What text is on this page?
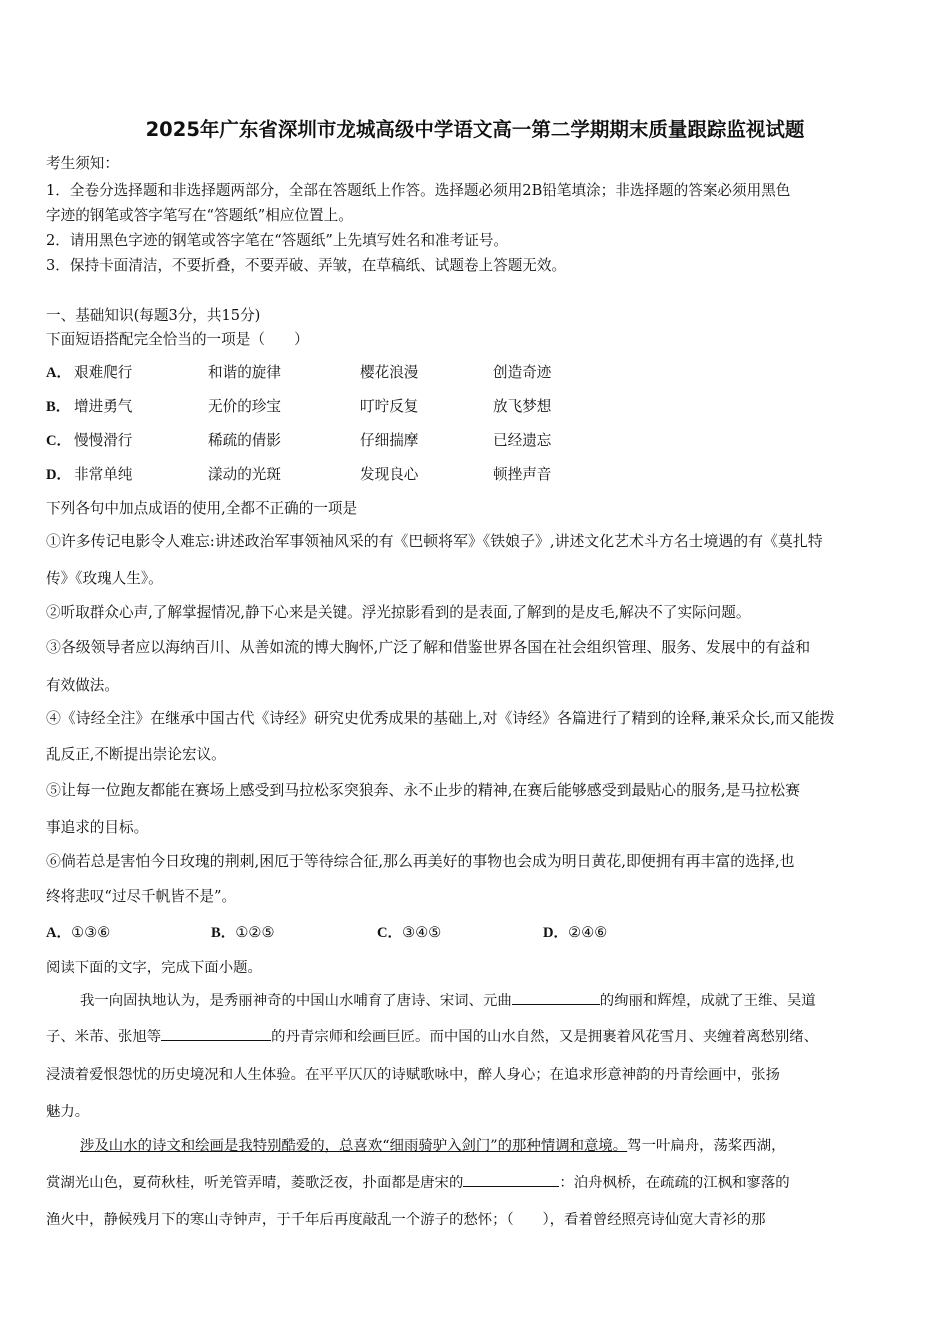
2025年广东省深圳市龙城高级中学语文高一第二学期期末质量跟踪监视试题
考生须知：
1．全卷分选择题和非选择题两部分，全部在答题纸上作答。选择题必须用2B铅笔填涂；非选择题的答案必须用黑色
字迹的钢笔或答字笔写在“答题纸”相应位置上。
2．请用黑色字迹的钢笔或答字笔在“答题纸”上先填写姓名和准考证号。
3．保持卡面清洁，不要折叠，不要弄破、弄皱，在草稿纸、试题卷上答题无效。
一、基础知识(每题3分，共15分)
下面短语搭配完全恰当的一项是（　　）
A． 艰难爬行	和谐的旋律	樱花浪漫	创造奇迹
B． 增进勇气	无价的珍宝	叮咛反复	放飞梦想
C． 慢慢滑行	稀疏的倩影	仔细揣摩	已经遗忘
D． 非常单纯	漾动的光斑	发现良心	顿挫声音
下列各句中加点成语的使用,全都不正确的一项是
①许多传记电影令人难忘:讲述政治军事领袖风采的有《巴顿将军》《铁娘子》,讲述文化艺术斗方名士境遇的有《莫扎特
传》《玫瑰人生》。
②听取群众心声,了解掌握情况,静下心来是关键。浮光掠影看到的是表面,了解到的是皮毛,解决不了实际问题。
③各级领导者应以海纳百川、从善如流的博大胸怀,广泛了解和借鉴世界各国在社会组织管理、服务、发展中的有益和
有效做法。
④《诗经全注》在继承中国古代《诗经》研究史优秀成果的基础上,对《诗经》各篇进行了精到的诠释,兼采众长,而又能拨
乱反正,不断提出崇论宏议。
⑤让每一位跑友都能在赛场上感受到马拉松豕突狼奔、永不止步的精神,在赛后能够感受到最贴心的服务,是马拉松赛
事追求的目标。
⑥倘若总是害怕今日玫瑰的荆刺,困厄于等待综合征,那么再美好的事物也会成为明日黄花,即便拥有再丰富的选择,也
终将悲叹“过尽千帆皆不是”。
A．①③⑥	B．①②⑤	C．③④⑤	D．②④⑥
阅读下面的文字，完成下面小题。
我一向固执地认为，是秀丽神奇的中国山水哺育了唐诗、宋词、元曲	的绚丽和辉煌，成就了王维、吴道
子、米芾、张旭等	的丹青宗师和绘画巨匠。而中国的山水自然，又是拥裹着风花雪月、夹缠着离愁别绪、
浸渍着爱恨怨忧的历史境况和人生体验。在平平仄仄的诗赋歌咏中，醉人身心；在追求形意神韵的丹青绘画中，张扬
魅力。
涉及山水的诗文和绘画是我特别酷爱的，总喜欢“细雨骑驴入剑门”的那种情调和意境。驾一叶扁舟，荡桨西湖，
赏湖光山色，夏荷秋桂，听羌管弄晴，菱歌泛夜，扑面都是唐宋的	：泊舟枫桥，在疏疏的江枫和寥落的
渔火中，静候残月下的寒山寺钟声，于千年后再度敲乱一个游子的愁怀；（　　），看着曾经照亮诗仙宽大青衫的那
